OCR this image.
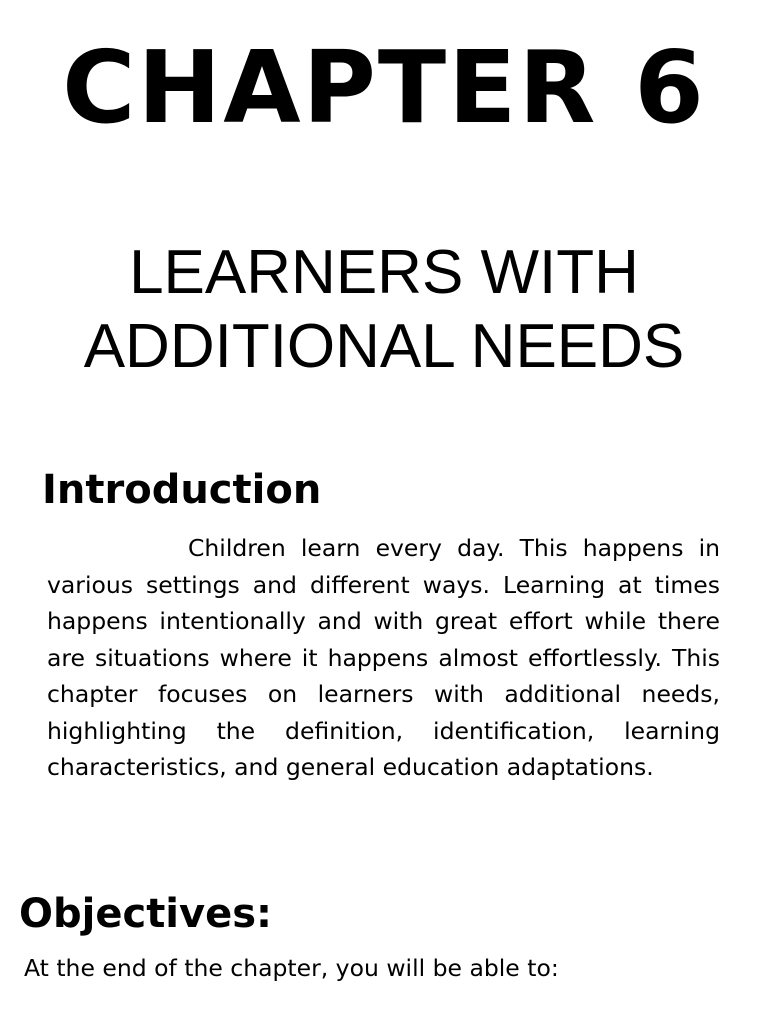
CHAPTER 6
LEARNERS WITH
ADDITIONAL NEEDS
Introduction

Children learn every day. This happens in various settings and different ways. Learning at times happens intentionally and with great effort while there are situations where it happens almost effortlessly. This chapter focuses on learners with additional needs, highlighting the definition, identification, learning characteristics, and general education adaptations.

Objectives:

At the end of the chapter, you will be able to:
